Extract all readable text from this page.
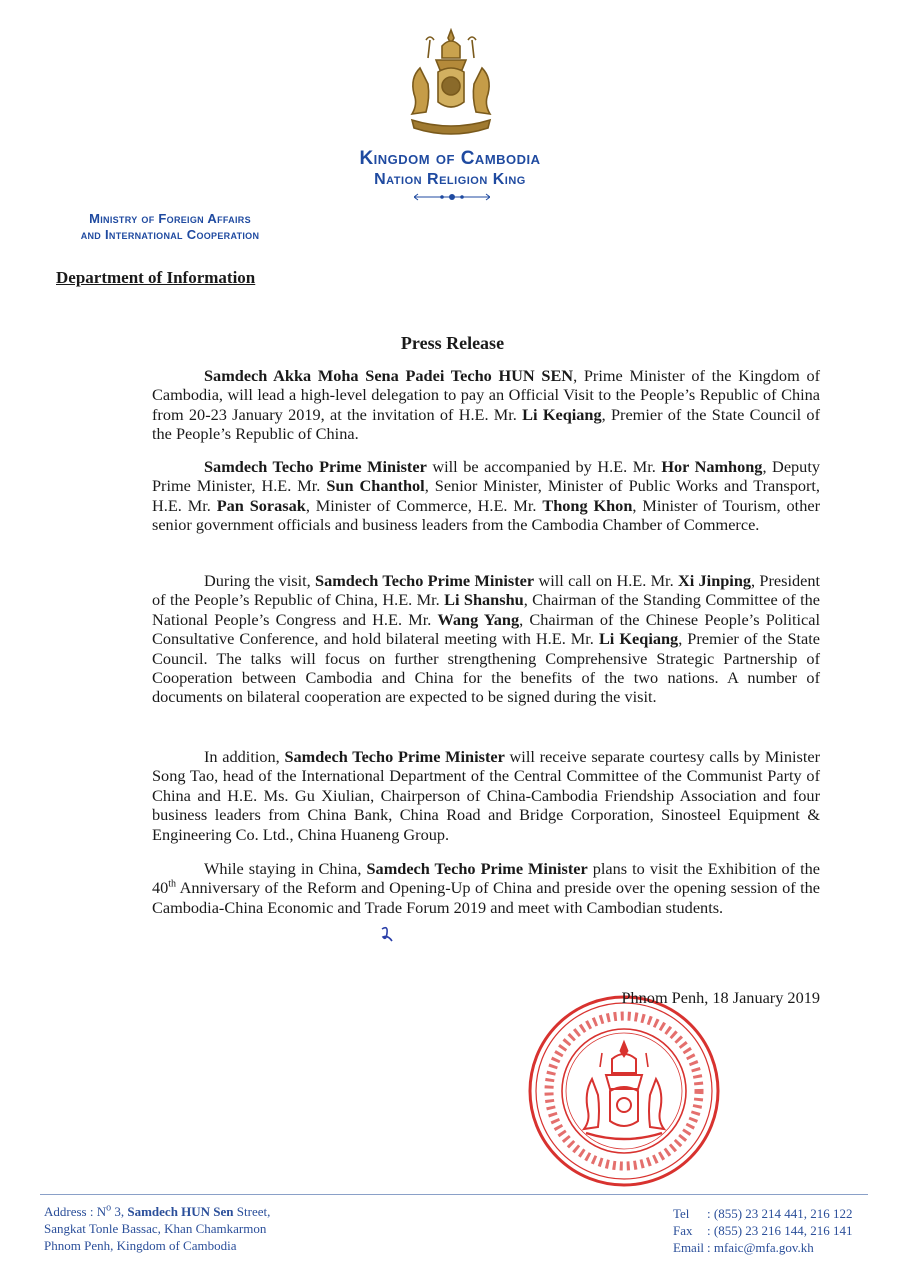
Kingdom of Cambodia
Nation Religion King
Ministry of Foreign Affairs
and International Cooperation
Department of Information
Press Release
Samdech Akka Moha Sena Padei Techo HUN SEN, Prime Minister of the Kingdom of Cambodia, will lead a high-level delegation to pay an Official Visit to the People’s Republic of China from 20-23 January 2019, at the invitation of H.E. Mr. Li Keqiang, Premier of the State Council of the People’s Republic of China.
Samdech Techo Prime Minister will be accompanied by H.E. Mr. Hor Namhong, Deputy Prime Minister, H.E. Mr. Sun Chanthol, Senior Minister, Minister of Public Works and Transport, H.E. Mr. Pan Sorasak, Minister of Commerce, H.E. Mr. Thong Khon, Minister of Tourism, other senior government officials and business leaders from the Cambodia Chamber of Commerce.
During the visit, Samdech Techo Prime Minister will call on H.E. Mr. Xi Jinping, President of the People’s Republic of China, H.E. Mr. Li Shanshu, Chairman of the Standing Committee of the National People’s Congress and H.E. Mr. Wang Yang, Chairman of the Chinese People’s Political Consultative Conference, and hold bilateral meeting with H.E. Mr. Li Keqiang, Premier of the State Council. The talks will focus on further strengthening Comprehensive Strategic Partnership of Cooperation between Cambodia and China for the benefits of the two nations. A number of documents on bilateral cooperation are expected to be signed during the visit.
In addition, Samdech Techo Prime Minister will receive separate courtesy calls by Minister Song Tao, head of the International Department of the Central Committee of the Communist Party of China and H.E. Ms. Gu Xiulian, Chairperson of China-Cambodia Friendship Association and four business leaders from China Bank, China Road and Bridge Corporation, Sinosteel Equipment & Engineering Co. Ltd., China Huaneng Group.
While staying in China, Samdech Techo Prime Minister plans to visit the Exhibition of the 40th Anniversary of the Reform and Opening-Up of China and preside over the opening session of the Cambodia-China Economic and Trade Forum 2019 and meet with Cambodian students.
Phnom Penh, 18 January 2019
Address : $N^o$ 3, Samdech HUN Sen Street,
Sangkat Tonle Bassac, Khan Chamkarmon
Phnom Penh, Kingdom of Cambodia
Tel	: (855) 23 214 441, 216 122
Fax	: (855) 23 216 144, 216 141
Email : mfaic@mfa.gov.kh
